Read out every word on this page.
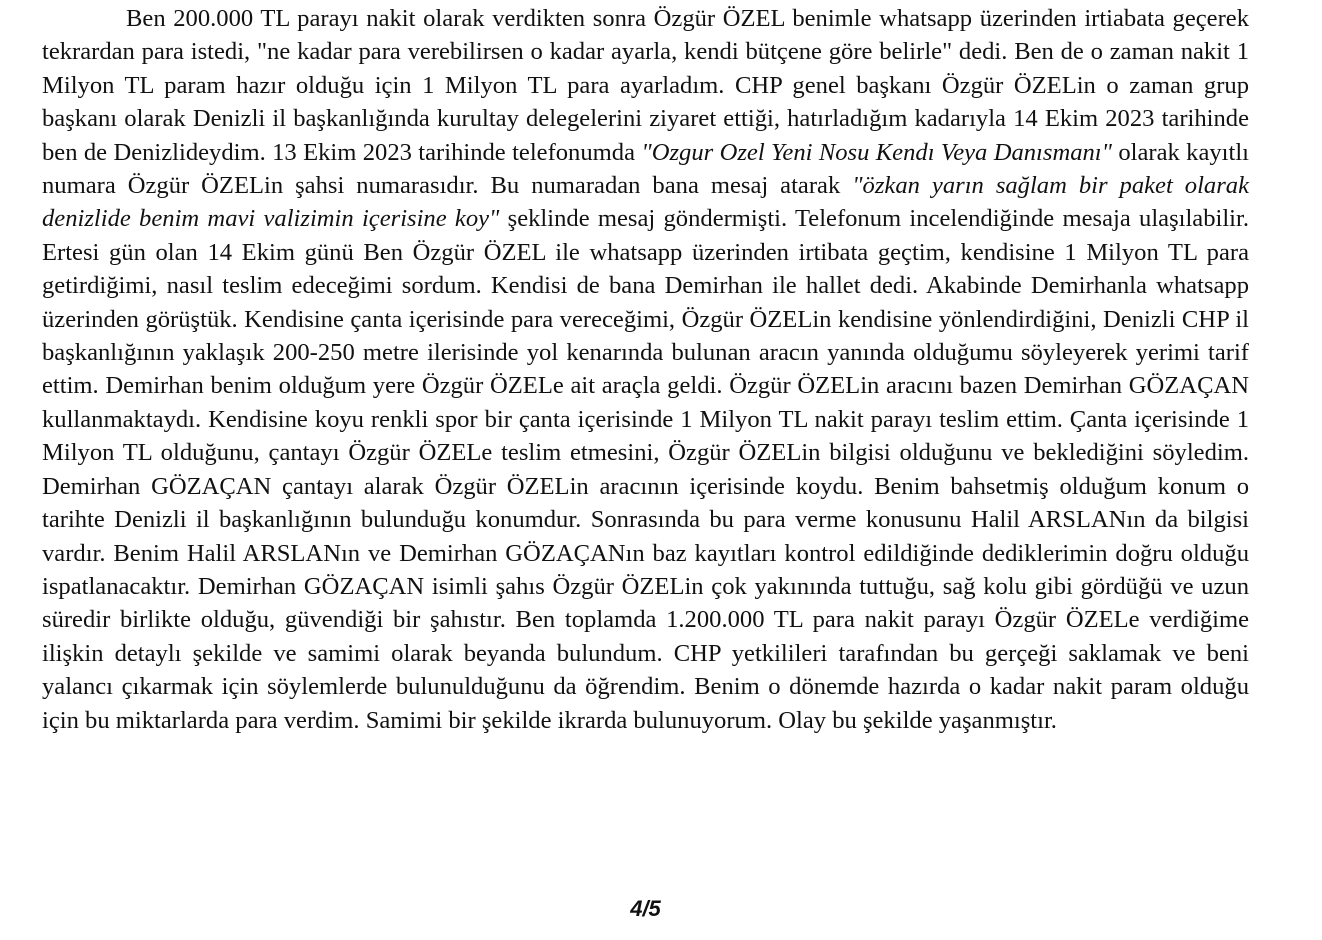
Ben 200.000 TL parayı nakit olarak verdikten sonra Özgür ÖZEL benimle whatsapp üzerinden irtiabata geçerek tekrardan para istedi, "ne kadar para verebilirsen o kadar ayarla, kendi bütçene göre belirle" dedi. Ben de o zaman nakit 1 Milyon TL param hazır olduğu için 1 Milyon TL para ayarladım. CHP genel başkanı Özgür ÖZELin o zaman grup başkanı olarak Denizli il başkanlığında kurultay delegelerini ziyaret ettiği, hatırladığım kadarıyla 14 Ekim 2023 tarihinde ben de Denizlideydim. 13 Ekim 2023 tarihinde telefonumda "Ozgur Ozel Yeni Nosu Kendı Veya Danısmanı" olarak kayıtlı numara Özgür ÖZELin şahsi numarasıdır. Bu numaradan bana mesaj atarak "özkan yarın sağlam bir paket olarak denizlide benim mavi valizimin içerisine koy" şeklinde mesaj göndermişti. Telefonum incelendiğinde mesaja ulaşılabilir. Ertesi gün olan 14 Ekim günü Ben Özgür ÖZEL ile whatsapp üzerinden irtibata geçtim, kendisine 1 Milyon TL para getirdiğimi, nasıl teslim edeceğimi sordum. Kendisi de bana Demirhan ile hallet dedi. Akabinde Demirhanla whatsapp üzerinden görüştük. Kendisine çanta içerisinde para vereceğimi, Özgür ÖZELin kendisine yönlendirdiğini, Denizli CHP il başkanlığının yaklaşık 200-250 metre ilerisinde yol kenarında bulunan aracın yanında olduğumu söyleyerek yerimi tarif ettim. Demirhan benim olduğum yere Özgür ÖZELe ait araçla geldi. Özgür ÖZELin aracını bazen Demirhan GÖZAÇAN kullanmaktaydı. Kendisine koyu renkli spor bir çanta içerisinde 1 Milyon TL nakit parayı teslim ettim. Çanta içerisinde 1 Milyon TL olduğunu, çantayı Özgür ÖZELe teslim etmesini, Özgür ÖZELin bilgisi olduğunu ve beklediğini söyledim. Demirhan GÖZAÇAN çantayı alarak Özgür ÖZELin aracının içerisinde koydu. Benim bahsetmiş olduğum konum o tarihte Denizli il başkanlığının bulunduğu konumdur. Sonrasında bu para verme konusunu Halil ARSLANın da bilgisi vardır. Benim Halil ARSLANın ve Demirhan GÖZAÇANın baz kayıtları kontrol edildiğinde dediklerimin doğru olduğu ispatlanacaktır. Demirhan GÖZAÇAN isimli şahıs Özgür ÖZELin çok yakınında tuttuğu, sağ kolu gibi gördüğü ve uzun süredir birlikte olduğu, güvendiği bir şahıstır. Ben toplamda 1.200.000 TL para nakit parayı Özgür ÖZELe verdiğime ilişkin detaylı şekilde ve samimi olarak beyanda bulundum. CHP yetkilileri tarafından bu gerçeği saklamak ve beni yalancı çıkarmak için söylemlerde bulunulduğunu da öğrendim. Benim o dönemde hazırda o kadar nakit param olduğu için bu miktarlarda para verdim. Samimi bir şekilde ikrarda bulunuyorum. Olay bu şekilde yaşanmıştır.

4/5
